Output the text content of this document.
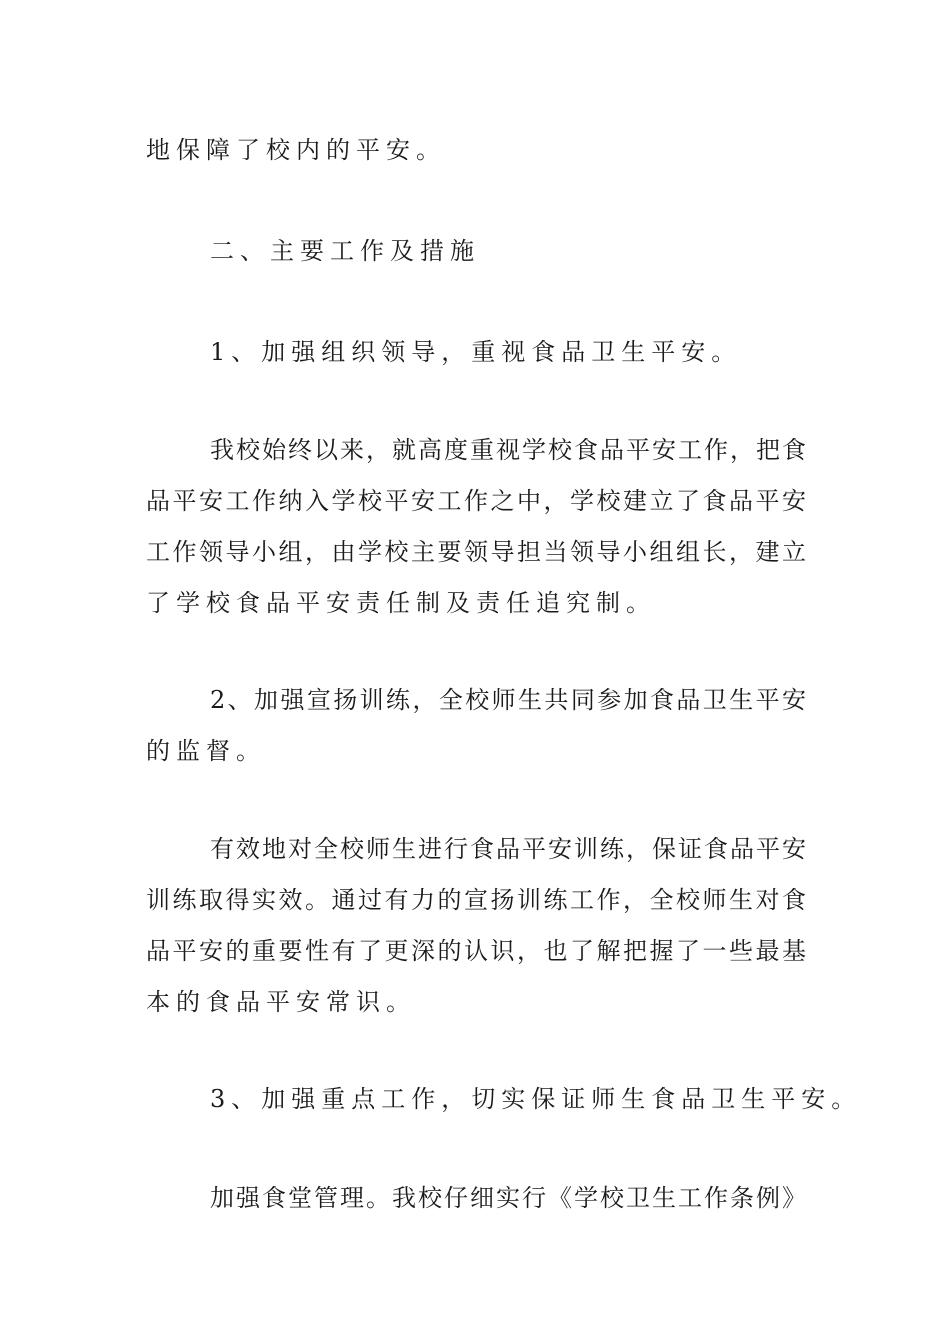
地保障了校内的平安。
二、主要工作及措施
1、加强组织领导，重视食品卫生平安。
我校始终以来，就高度重视学校食品平安工作，把食
品平安工作纳入学校平安工作之中，学校建立了食品平安
工作领导小组，由学校主要领导担当领导小组组长，建立
了学校食品平安责任制及责任追究制。
2、加强宣扬训练，全校师生共同参加食品卫生平安
的监督。
有效地对全校师生进行食品平安训练，保证食品平安
训练取得实效。通过有力的宣扬训练工作，全校师生对食
品平安的重要性有了更深的认识，也了解把握了一些最基
本的食品平安常识。
3、加强重点工作，切实保证师生食品卫生平安。
加强食堂管理。我校仔细实行《学校卫生工作条例》
